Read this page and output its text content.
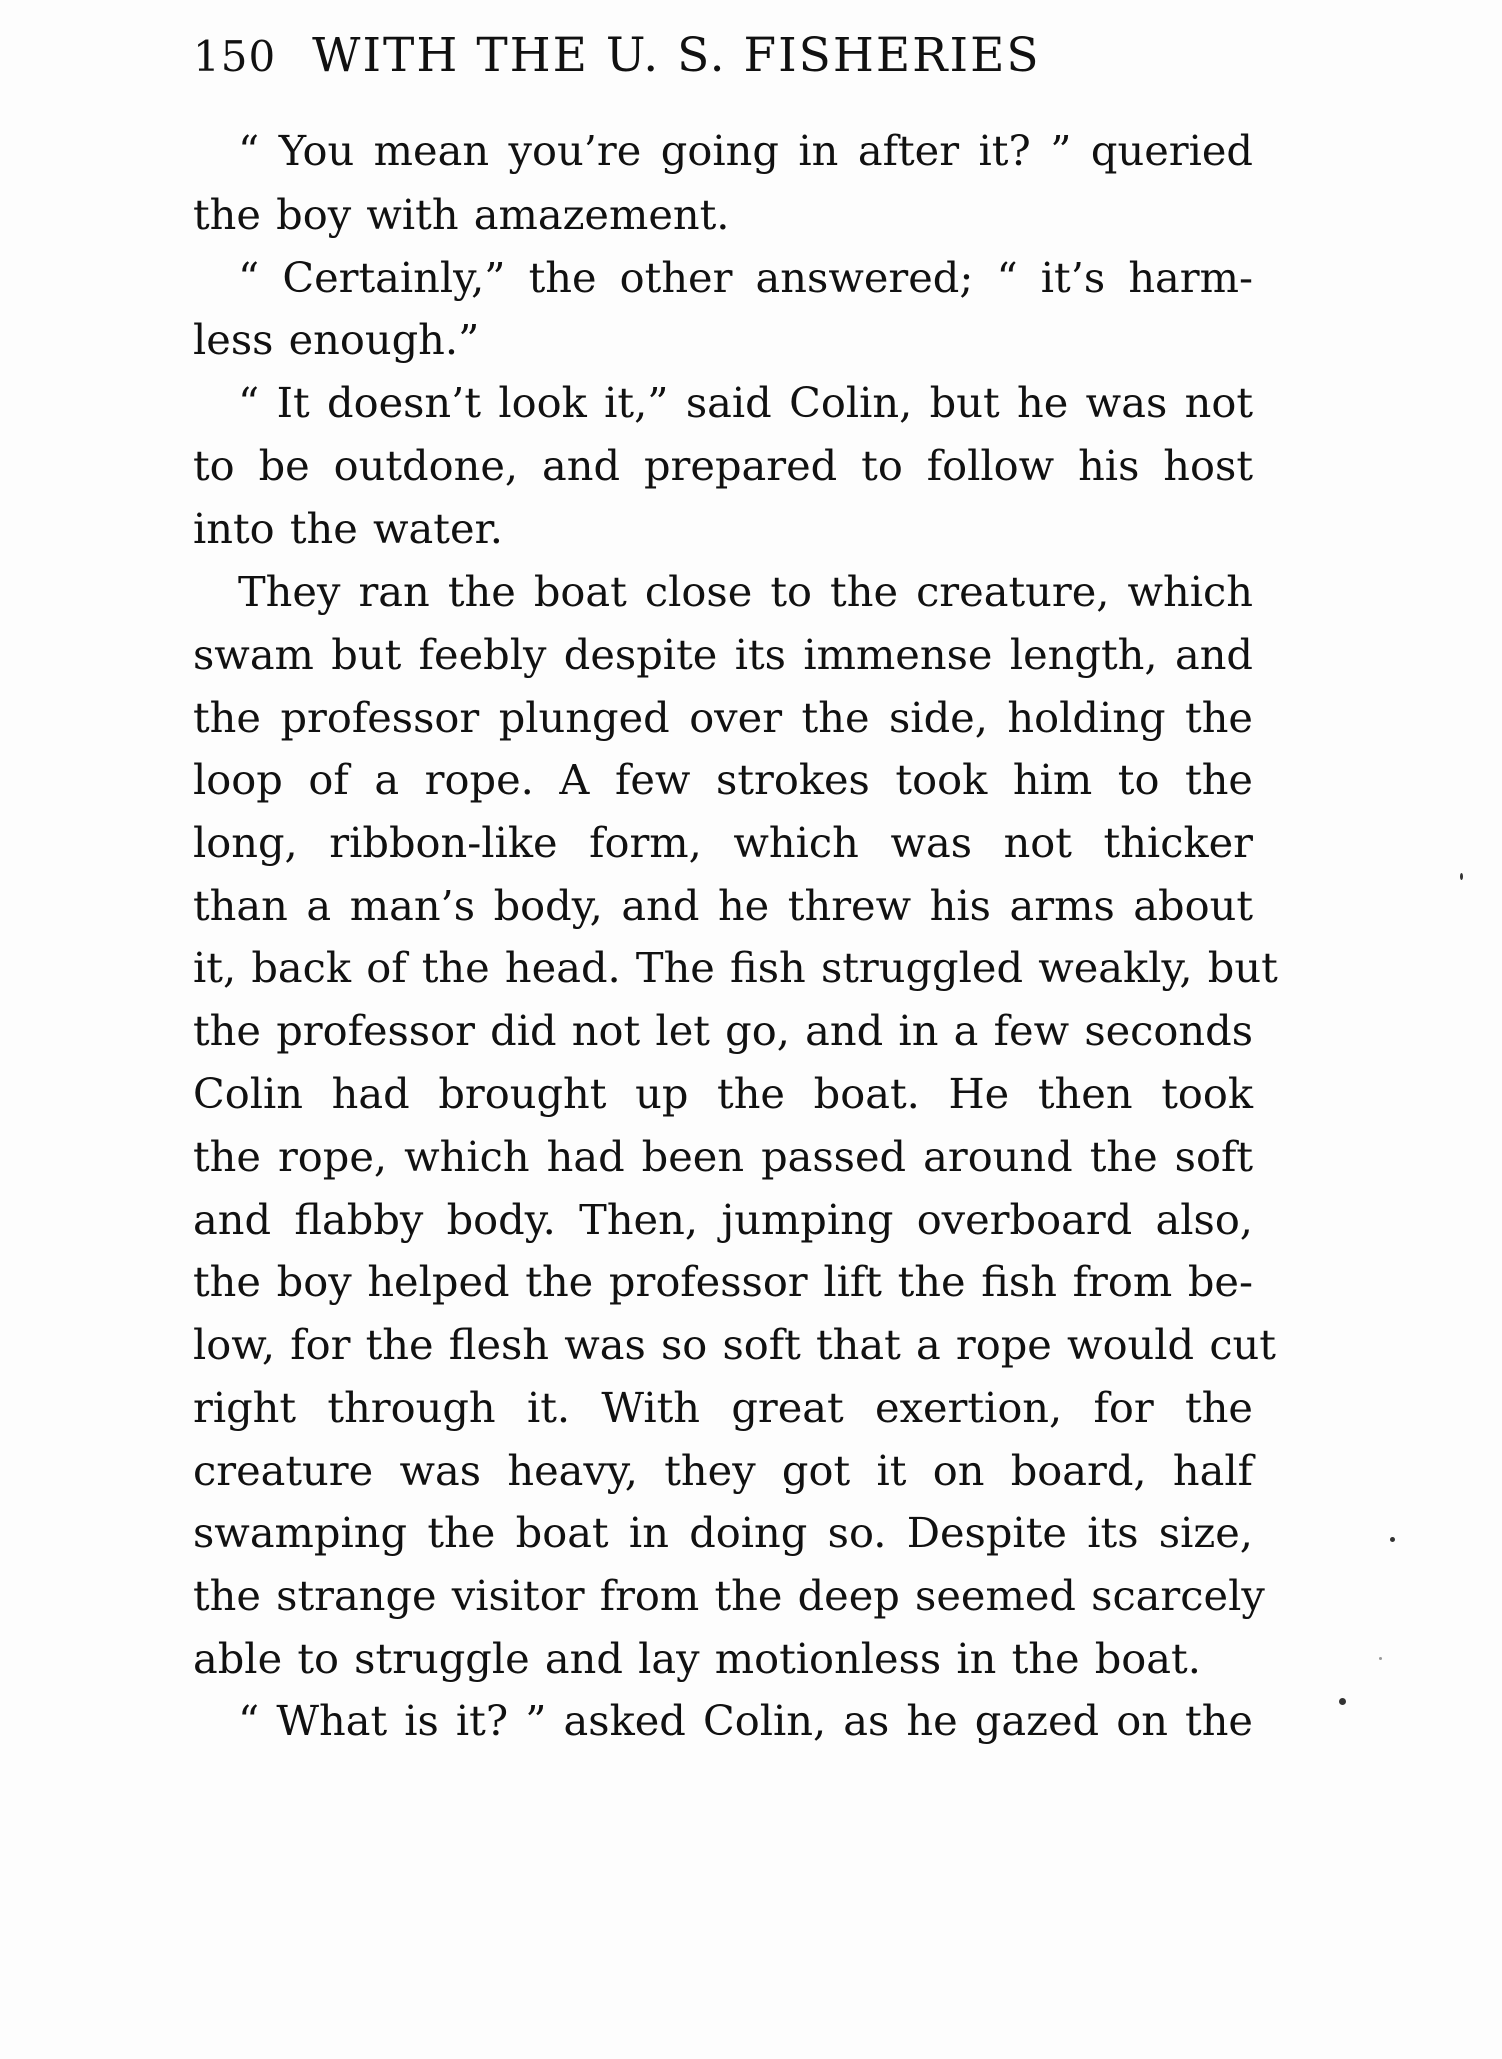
150 WITH THE U. S. FISHERIES
“ You mean you’re going in after it? ” queried
the boy with amazement.
“ Certainly,” the other answered; “ it’s harm-
less enough.”
“ It doesn’t look it,” said Colin, but he was not
to be outdone, and prepared to follow his host
into the water.
They ran the boat close to the creature, which
swam but feebly despite its immense length, and
the professor plunged over the side, holding the
loop of a rope. A few strokes took him to the
long, ribbon-like form, which was not thicker
than a man’s body, and he threw his arms about
it, back of the head. The fish struggled weakly, but
the professor did not let go, and in a few seconds
Colin had brought up the boat. He then took
the rope, which had been passed around the soft
and flabby body. Then, jumping overboard also,
the boy helped the professor lift the fish from be-
low, for the flesh was so soft that a rope would cut
right through it. With great exertion, for the
creature was heavy, they got it on board, half
swamping the boat in doing so. Despite its size,
the strange visitor from the deep seemed scarcely
able to struggle and lay motionless in the boat.
“ What is it? ” asked Colin, as he gazed on the
